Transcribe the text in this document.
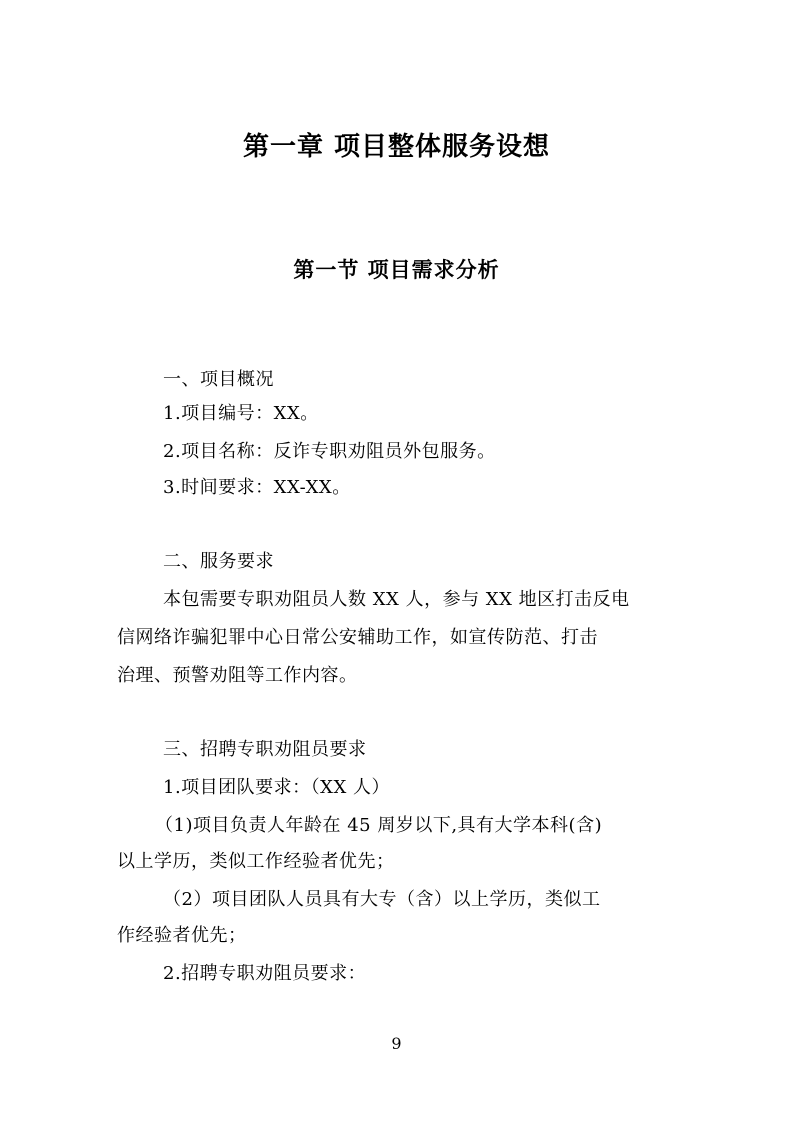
第一章 项目整体服务设想
第一节 项目需求分析
一、项目概况
1.项目编号：XX。
2.项目名称：反诈专职劝阻员外包服务。
3.时间要求：XX-XX。
二、服务要求
本包需要专职劝阻员人数 XX 人，参与 XX 地区打击反电
信网络诈骗犯罪中心日常公安辅助工作，如宣传防范、打击
治理、预警劝阻等工作内容。
三、招聘专职劝阻员要求
1.项目团队要求：（XX 人）
（1)项目负责人年龄在 45 周岁以下,具有大学本科(含)
以上学历，类似工作经验者优先；
（2）项目团队人员具有大专（含）以上学历，类似工
作经验者优先；
2.招聘专职劝阻员要求：
9
